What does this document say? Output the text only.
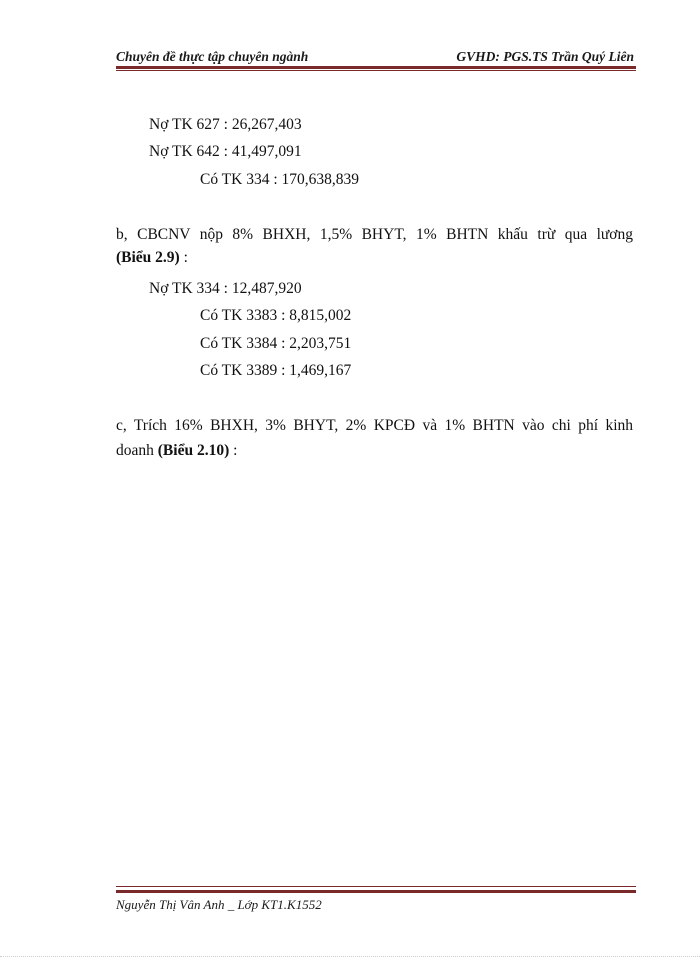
Chuyên đề thực tập chuyên ngành	GVHD: PGS.TS Trần Quý Liên
Nợ TK 627 : 26,267,403
Nợ TK 642 : 41,497,091
Có TK 334 : 170,638,839
b, CBCNV nộp 8% BHXH, 1,5% BHYT, 1% BHTN khấu trừ qua lương
(Biểu 2.9) :
Nợ TK 334 : 12,487,920
Có TK 3383 : 8,815,002
Có TK 3384 : 2,203,751
Có TK 3389 : 1,469,167
c, Trích 16% BHXH, 3% BHYT, 2% KPCĐ và 1% BHTN vào chi phí kinh
doanh (Biểu 2.10) :
Nguyễn Thị Vân Anh _ Lớp KT1.K1552
